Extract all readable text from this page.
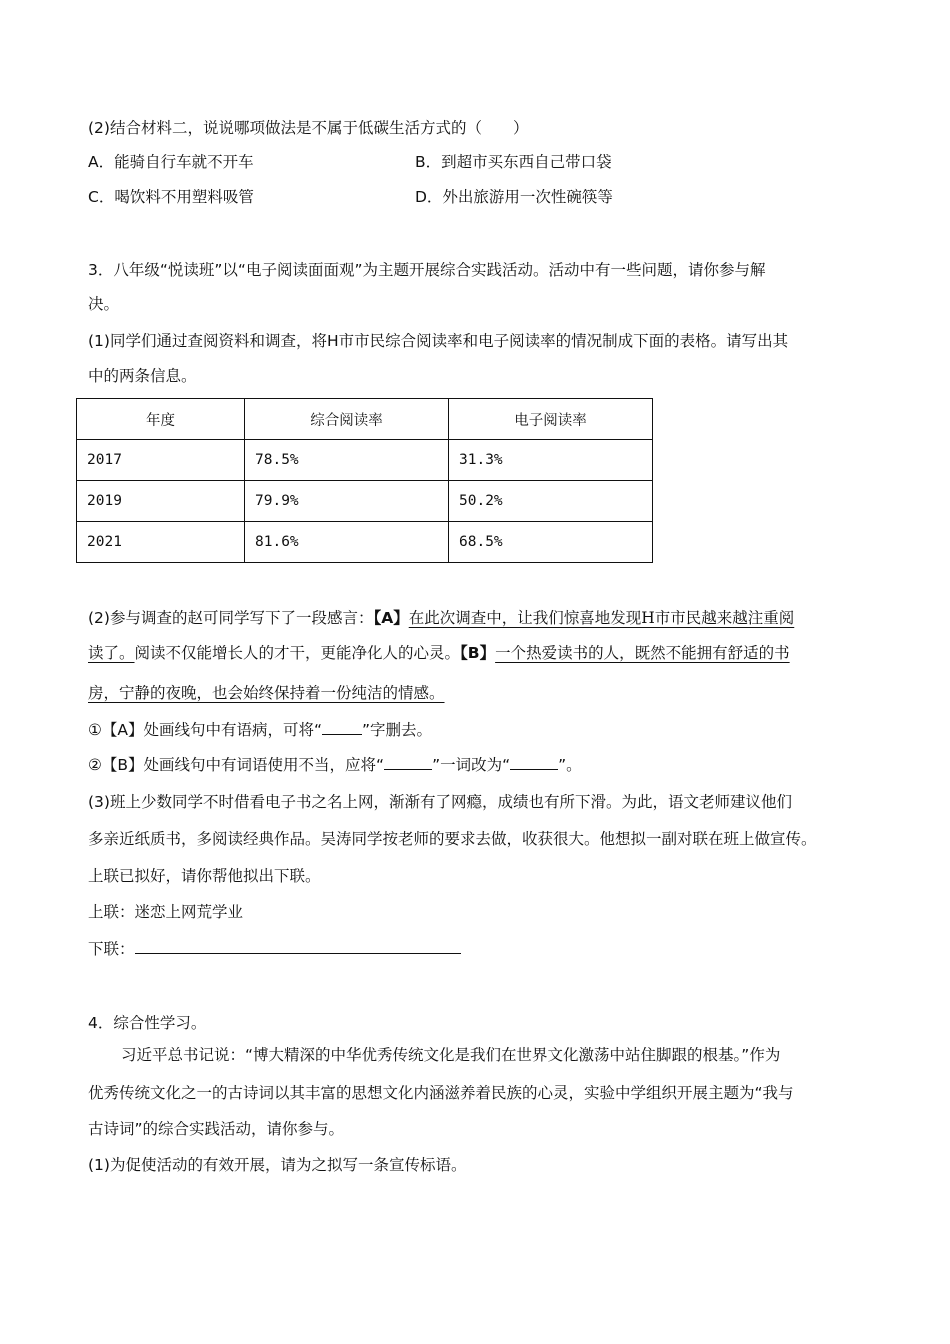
(2)结合材料二，说说哪项做法是不属于低碳生活方式的（　　）
A．能骑自行车就不开车	B．到超市买东西自己带口袋
C．喝饮料不用塑料吸管	D．外出旅游用一次性碗筷等
3．八年级“悦读班”以“电子阅读面面观”为主题开展综合实践活动。活动中有一些问题，请你参与解
决。
(1)同学们通过查阅资料和调查，将H市市民综合阅读率和电子阅读率的情况制成下面的表格。请写出其
中的两条信息。
年度	综合阅读率	电子阅读率
2017	78.5%	31.3%
2019	79.9%	50.2%
2021	81.6%	68.5%
(2)参与调查的赵可同学写下了一段感言：【A】在此次调查中，让我们惊喜地发现H市市民越来越注重阅
读了。阅读不仅能增长人的才干，更能净化人的心灵。【B】一个热爱读书的人，既然不能拥有舒适的书
房，宁静的夜晚，也会始终保持着一份纯洁的情感。
①【A】处画线句中有语病，可将“	”字删去。
②【B】处画线句中有词语使用不当，应将“	”一词改为“	”。
(3)班上少数同学不时借看电子书之名上网，渐渐有了网瘾，成绩也有所下滑。为此，语文老师建议他们
多亲近纸质书，多阅读经典作品。吴涛同学按老师的要求去做，收获很大。他想拟一副对联在班上做宣传。
上联已拟好，请你帮他拟出下联。
上联：迷恋上网荒学业
下联：
4．综合性学习。
习近平总书记说：“博大精深的中华优秀传统文化是我们在世界文化激荡中站住脚跟的根基。”作为
优秀传统文化之一的古诗词以其丰富的思想文化内涵滋养着民族的心灵，实验中学组织开展主题为“我与
古诗词”的综合实践活动，请你参与。
(1)为促使活动的有效开展，请为之拟写一条宣传标语。
